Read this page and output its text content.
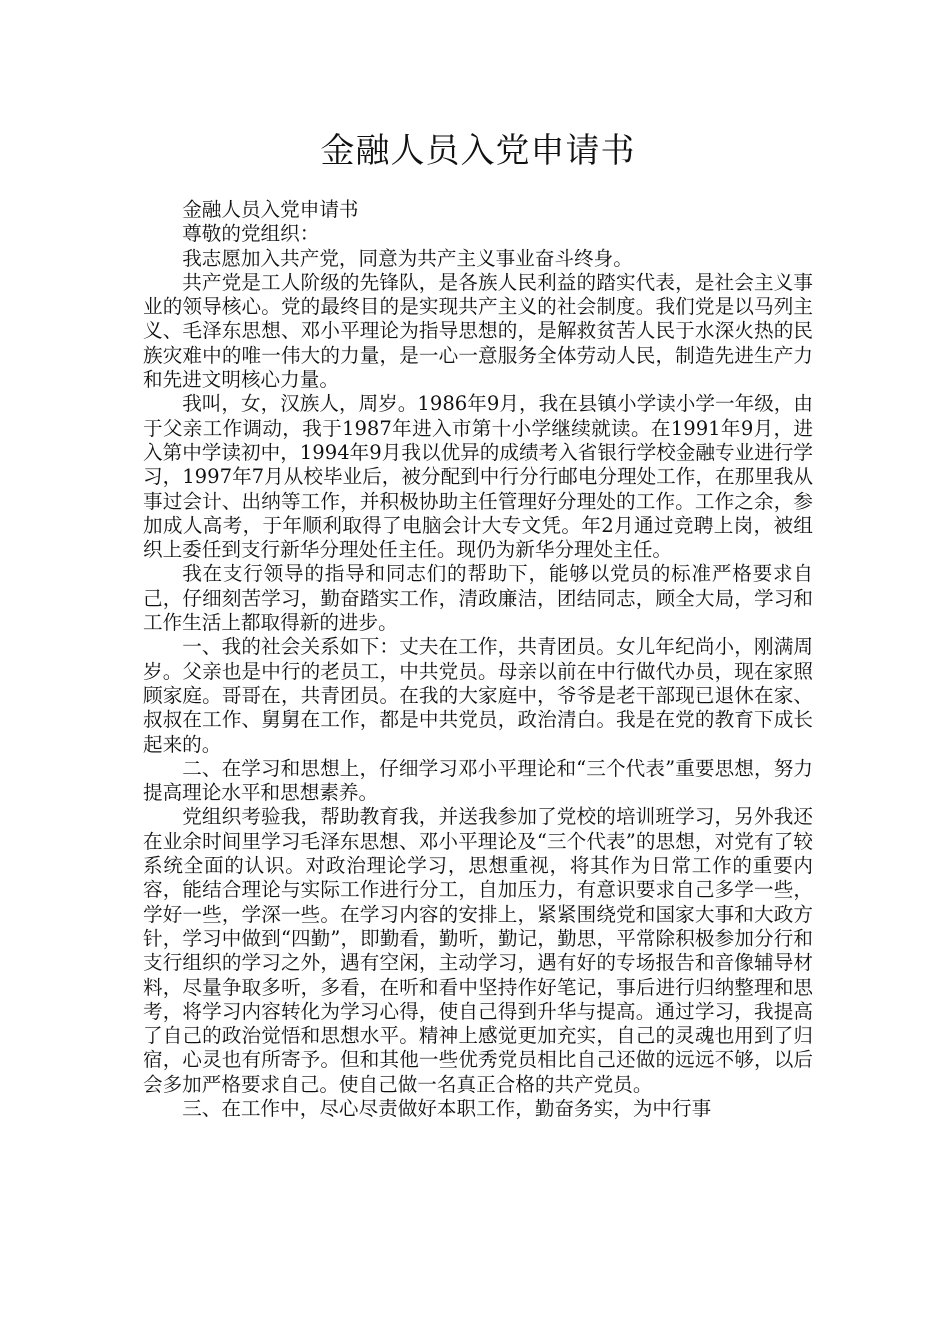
金融人员入党申请书

金融人员入党申请书

尊敬的党组织：

我志愿加入共产党，同意为共产主义事业奋斗终身。

共产党是工人阶级的先锋队，是各族人民利益的踏实代表，是社会主义事业的领导核心。党的最终目的是实现共产主义的社会制度。我们党是以马列主义、毛泽东思想、邓小平理论为指导思想的，是解救贫苦人民于水深火热的民族灾难中的唯一伟大的力量，是一心一意服务全体劳动人民，制造先进生产力和先进文明核心力量。

我叫，女，汉族人，周岁。1986年9月，我在县镇小学读小学一年级，由于父亲工作调动，我于1987年进入市第十小学继续就读。在1991年9月，进入第中学读初中，1994年9月我以优异的成绩考入省银行学校金融专业进行学习，1997年7月从校毕业后，被分配到中行分行邮电分理处工作，在那里我从事过会计、出纳等工作，并积极协助主任管理好分理处的工作。工作之余，参加成人高考，于年顺利取得了电脑会计大专文凭。年2月通过竞聘上岗，被组织上委任到支行新华分理处任主任。现仍为新华分理处主任。

我在支行领导的指导和同志们的帮助下，能够以党员的标准严格要求自己，仔细刻苦学习，勤奋踏实工作，清政廉洁，团结同志，顾全大局，学习和工作生活上都取得新的进步。

一、我的社会关系如下：丈夫在工作，共青团员。女儿年纪尚小，刚满周岁。父亲也是中行的老员工，中共党员。母亲以前在中行做代办员，现在家照顾家庭。哥哥在，共青团员。在我的大家庭中，爷爷是老干部现已退休在家、叔叔在工作、舅舅在工作，都是中共党员，政治清白。我是在党的教育下成长起来的。

二、在学习和思想上，仔细学习邓小平理论和“三个代表”重要思想，努力提高理论水平和思想素养。

党组织考验我，帮助教育我，并送我参加了党校的培训班学习，另外我还在业余时间里学习毛泽东思想、邓小平理论及“三个代表”的思想，对党有了较系统全面的认识。对政治理论学习，思想重视，将其作为日常工作的重要内容，能结合理论与实际工作进行分工，自加压力，有意识要求自己多学一些，学好一些，学深一些。在学习内容的安排上，紧紧围绕党和国家大事和大政方针，学习中做到“四勤”，即勤看，勤听，勤记，勤思，平常除积极参加分行和支行组织的学习之外，遇有空闲，主动学习，遇有好的专场报告和音像辅导材料，尽量争取多听，多看，在听和看中坚持作好笔记，事后进行归纳整理和思考，将学习内容转化为学习心得，使自己得到升华与提高。通过学习，我提高了自己的政治觉悟和思想水平。精神上感觉更加充实，自己的灵魂也用到了归宿，心灵也有所寄予。但和其他一些优秀党员相比自己还做的远远不够，以后会多加严格要求自己。使自己做一名真正合格的共产党员。

三、在工作中，尽心尽责做好本职工作，勤奋务实，为中行事
